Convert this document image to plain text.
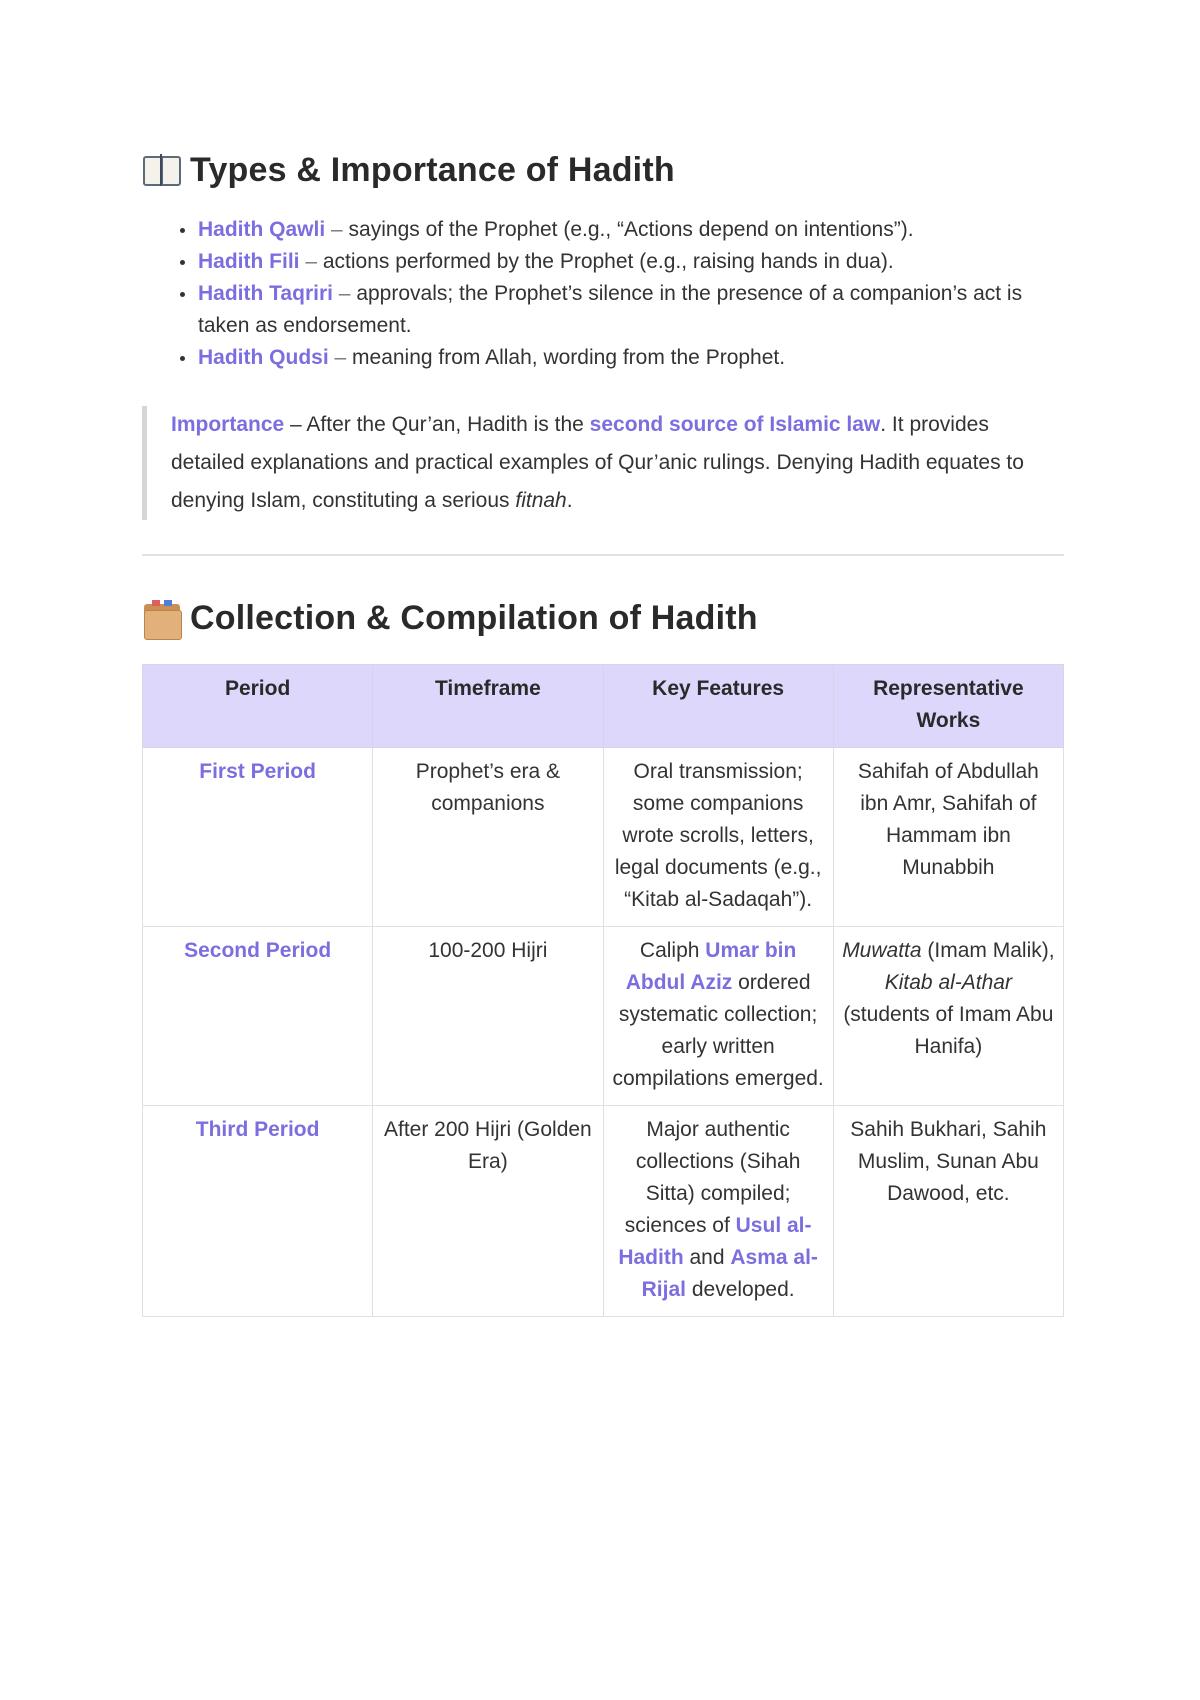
Types & Importance of Hadith
Hadith Qawli – sayings of the Prophet (e.g., “Actions depend on intentions”).
Hadith Fili – actions performed by the Prophet (e.g., raising hands in dua).
Hadith Taqriri – approvals; the Prophet’s silence in the presence of a companion’s act is taken as endorsement.
Hadith Qudsi – meaning from Allah, wording from the Prophet.
Importance – After the Qur’an, Hadith is the second source of Islamic law. It provides detailed explanations and practical examples of Qur’anic rulings. Denying Hadith equates to denying Islam, constituting a serious fitnah.
Collection & Compilation of Hadith
Period	Timeframe	Key Features	Representative Works
First Period	Prophet’s era & companions	Oral transmission; some companions wrote scrolls, letters, legal documents (e.g., “Kitab al-Sadaqah”).	Sahifah of Abdullah ibn Amr, Sahifah of Hammam ibn Munabbih
Second Period	100-200 Hijri	Caliph Umar bin Abdul Aziz ordered systematic collection; early written compilations emerged.	Muwatta (Imam Malik), Kitab al-Athar (students of Imam Abu Hanifa)
Third Period	After 200 Hijri (Golden Era)	Major authentic collections (Sihah Sitta) compiled; sciences of Usul al-Hadith and Asma al-Rijal developed.	Sahih Bukhari, Sahih Muslim, Sunan Abu Dawood, etc.
